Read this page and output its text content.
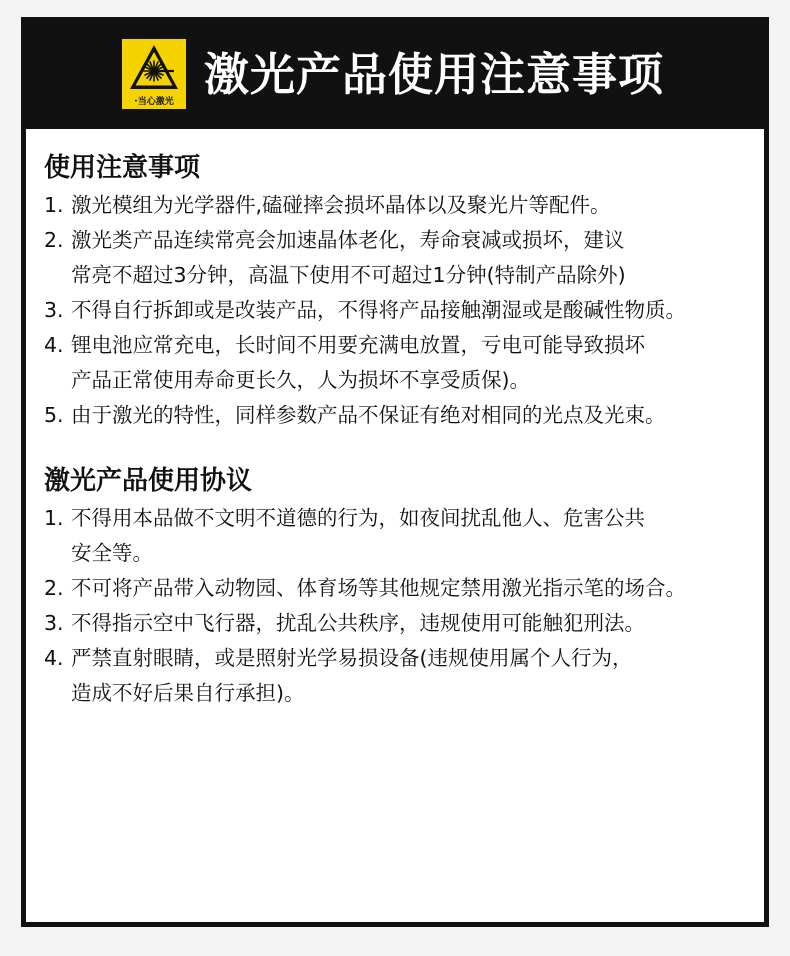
·当心激光
激光产品使用注意事项
使用注意事项
1. 激光模组为光学器件,磕碰摔会损坏晶体以及聚光片等配件。
2. 激光类产品连续常亮会加速晶体老化，寿命衰减或损坏，建议
常亮不超过3分钟，高温下使用不可超过1分钟(特制产品除外)
3. 不得自行拆卸或是改装产品，不得将产品接触潮湿或是酸碱性物质。
4. 锂电池应常充电，长时间不用要充满电放置，亏电可能导致损坏
产品正常使用寿命更长久，人为损坏不享受质保)。
5. 由于激光的特性，同样参数产品不保证有绝对相同的光点及光束。
激光产品使用协议
1. 不得用本品做不文明不道德的行为，如夜间扰乱他人、危害公共
安全等。
2. 不可将产品带入动物园、体育场等其他规定禁用激光指示笔的场合。
3. 不得指示空中飞行器，扰乱公共秩序，违规使用可能触犯刑法。
4. 严禁直射眼睛，或是照射光学易损设备(违规使用属个人行为，
造成不好后果自行承担)。
